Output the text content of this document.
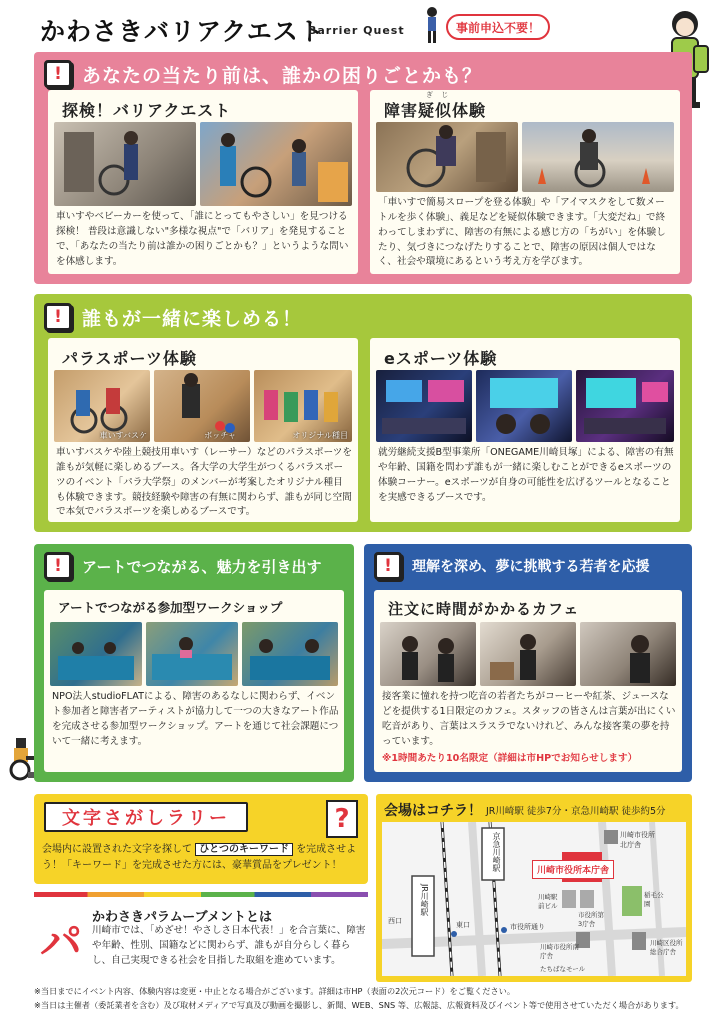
かわさきバリアクエスト
Barrier Quest	事前申込不要！
!	あなたの当たり前は、誰かの困りごとかも？
探検！バリアクエスト
車いすやベビーカーを使って、「誰にとってもやさしい」を見つける探検！ 普段は意識しない"多様な視点"で「バリア」を発見することで、「あなたの当たり前は誰かの困りごとかも？」というような問いを体感します。
ぎ じ
障害疑似体験
「車いすで簡易スロープを登る体験」や「アイマスクをして数メートルを歩く体験」、義足などを疑似体験できます。「大変だね」で終わってしまわずに、障害の有無による感じ方の「ちがい」を体験したり、気づきにつなげたりすることで、障害の原因は個人ではなく、社会や環境にあるという考え方を学びます。
!	誰もが一緒に楽しめる！
パラスポーツ体験
車いすバスケ	ボッチャ	オリジナル種目
車いすバスケや陸上競技用車いす（レーサー）などのパラスポーツを誰もが気軽に楽しめるブース。各大学の大学生がつくるパラスポーツのイベント「パラ大学祭」のメンバーが考案したオリジナル種目も体験できます。競技経験や障害の有無に関わらず、誰もが同じ空間で本気でパラスポーツを楽しめるブースです。
eスポーツ体験
就労継続支援B型事業所「ONEGAME川崎貝塚」による、障害の有無や年齢、国籍を問わず誰もが一緒に楽しむことができるeスポーツの体験コーナー。eスポーツが自身の可能性を広げるツールとなることを実感できるブースです。
!	アートでつながる、魅力を引き出す
アートでつながる参加型ワークショップ
NPO法人studioFLATによる、障害のあるなしに関わらず、イベント参加者と障害者アーティストが協力して一つの大きなアート作品を完成させる参加型ワークショップ。アートを通じて社会課題について一緒に考えます。
!	理解を深め、夢に挑戦する若者を応援
注文に時間がかかるカフェ
接客業に憧れを持つ吃音の若者たちがコーヒーや紅茶、ジュースなどを提供する1日限定のカフェ。スタッフの皆さんは言葉が出にくい吃音があり、言葉はスラスラでないけれど、みんな接客業の夢を持っています。
※1時間あたり10名限定（詳細は市HPでお知らせします）
文字さがしラリー	?
会場内に設置された文字を探して ひとつのキーワード を完成させよう！「キーワード」を完成させた方には、豪華賞品をプレゼント！
パ
かわさきパラムーブメントとは
川崎市では、「めざせ！やさしさ日本代表！」を合言葉に、障害や年齢、性別、国籍などに関わらず、誰もが自分らしく暮らし、自己実現できる社会を目指した取組を進めています。
会場はコチラ！ JR川崎駅 徒歩7分・京急川崎駅 徒歩約5分
JR川崎駅
京急川崎駅	川崎市役所本庁舎
川崎市役所北庁舎
西口	東口	市役所通り
川崎駅前ビル
市役所第3庁舎
稲毛公園
川崎市役所南庁舎
たちばなモール
川崎区役所総合庁舎
※当日までにイベント内容、体験内容は変更・中止となる場合がございます。詳細は市HP（表面の2次元コード）をご覧ください。
※当日は主催者（委託業者を含む）及び取材メディアで写真及び動画を撮影し、新聞、WEB、SNS 等、広報誌、広報資料及びイベント等で使用させていただく場合があります。
